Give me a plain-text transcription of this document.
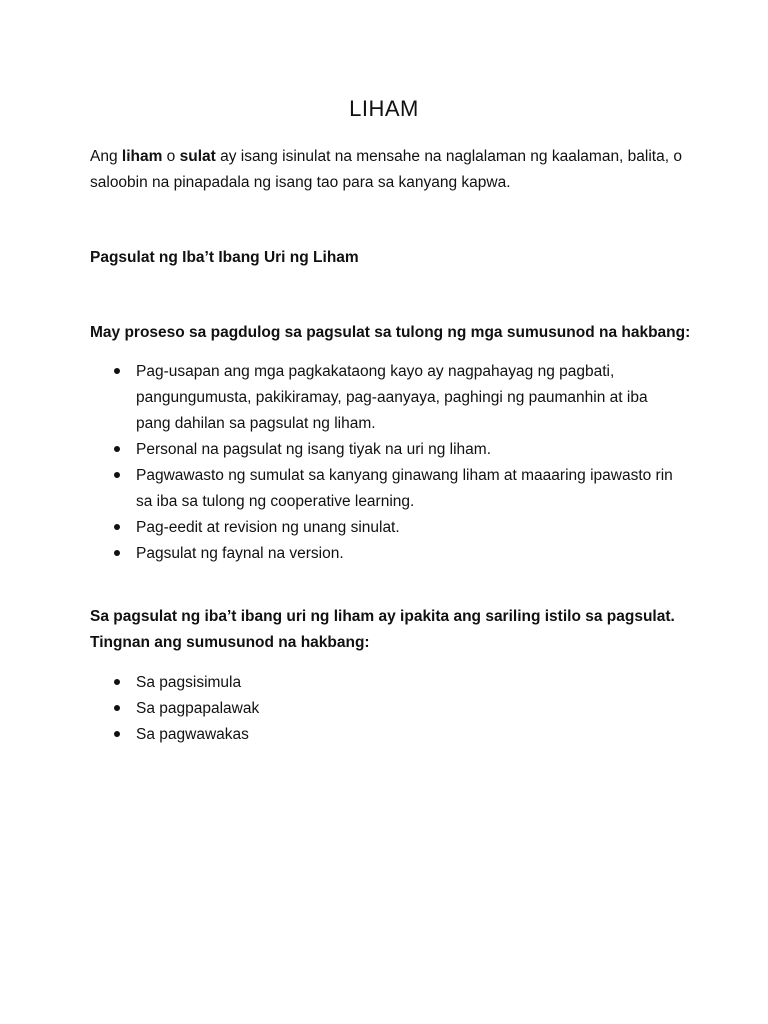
LIHAM
Ang liham o sulat ay isang isinulat na mensahe na naglalaman ng kaalaman, balita, o saloobin na pinapadala ng isang tao para sa kanyang kapwa.
Pagsulat ng Iba’t Ibang Uri ng Liham
May proseso sa pagdulog sa pagsulat sa tulong ng mga sumusunod na hakbang:
Pag-usapan ang mga pagkakataong kayo ay nagpahayag ng pagbati, pangungumusta, pakikiramay, pag-aanyaya, paghingi ng paumanhin at iba pang dahilan sa pagsulat ng liham.
Personal na pagsulat ng isang tiyak na uri ng liham.
Pagwawasto ng sumulat sa kanyang ginawang liham at maaaring ipawasto rin sa iba sa tulong ng cooperative learning.
Pag-eedit at revision ng unang sinulat.
Pagsulat ng faynal na version.
Sa pagsulat ng iba’t ibang uri ng liham ay ipakita ang sariling istilo sa pagsulat. Tingnan ang sumusunod na hakbang:
Sa pagsisimula
Sa pagpapalawak
Sa pagwawakas
